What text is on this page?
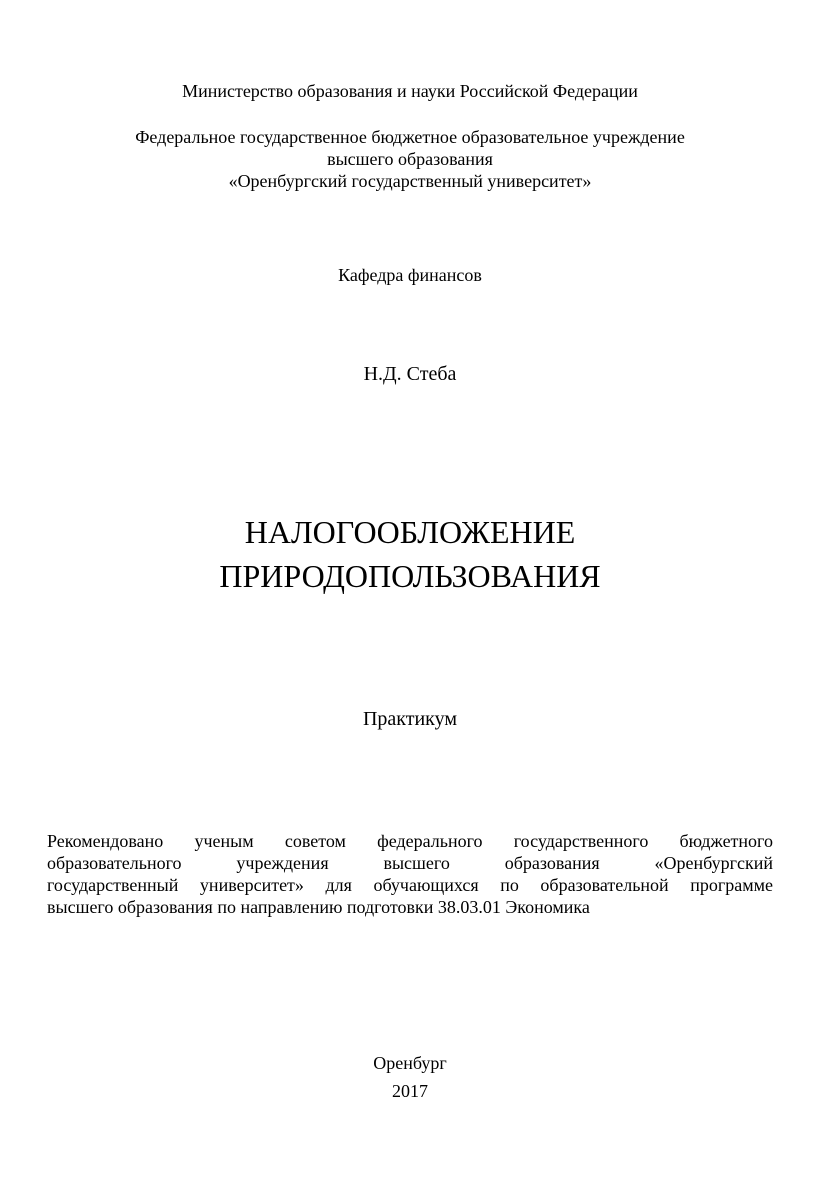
Министерство образования и науки Российской Федерации
Федеральное государственное бюджетное образовательное учреждение
высшего образования
«Оренбургский государственный университет»
Кафедра финансов
Н.Д. Стеба
НАЛОГООБЛОЖЕНИЕ
ПРИРОДОПОЛЬЗОВАНИЯ
Практикум
Рекомендовано ученым советом федерального государственного бюджетного
образовательного учреждения высшего образования «Оренбургский
государственный университет» для обучающихся по образовательной программе
высшего образования по направлению подготовки 38.03.01 Экономика
Оренбург
2017
